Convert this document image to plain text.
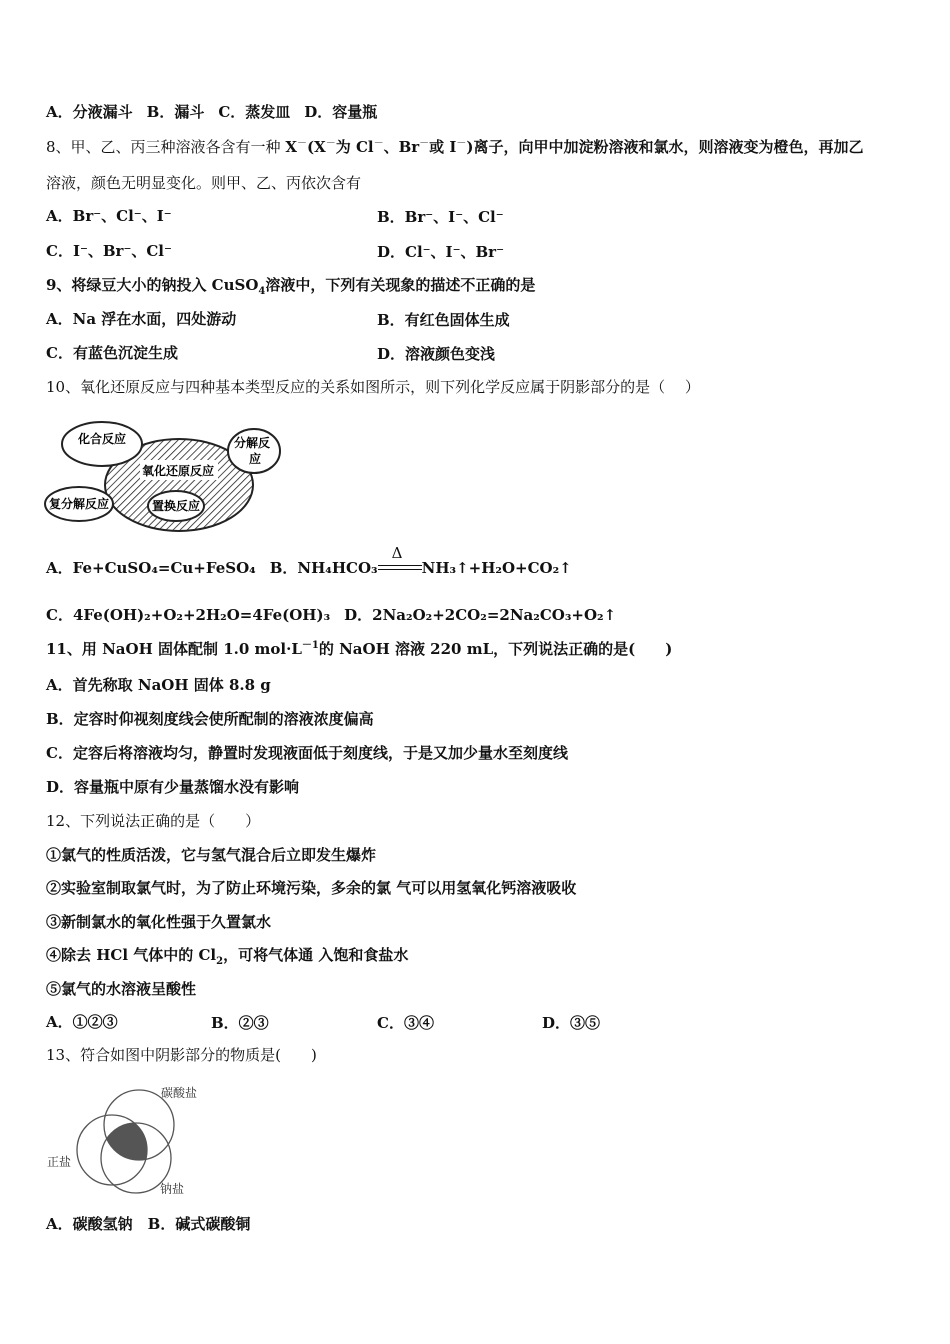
A．分液漏斗 B．漏斗 C．蒸发皿 D．容量瓶
8、甲、乙、丙三种溶液各含有一种 X－(X－为 Cl－、Br－或 I－)离子，向甲中加淀粉溶液和氯水，则溶液变为橙色，再加乙
溶液，颜色无明显变化。则甲、乙、丙依次含有
A．Br⁻、Cl⁻、I⁻	B．Br⁻、I⁻、Cl⁻
C．I⁻、Br⁻、Cl⁻	D．Cl⁻、I⁻、Br⁻
9、将绿豆大小的钠投入 CuSO$_4$溶液中，下列有关现象的描述不正确的是
A．Na 浮在水面，四处游动	B．有红色固体生成
C．有蓝色沉淀生成	D．溶液颜色变浅
10、氧化还原反应与四种基本类型反应的关系如图所示，则下列化学反应属于阴影部分的是（　 ）
化合反应	分解反
应
氧化还原反应
复分解反应	置换反应
A．Fe+CuSO₄=Cu+FeSO₄ B．NH₄HCO₃
Δ
NH₃↑+H₂O+CO₂↑
C．4Fe(OH)₂+O₂+2H₂O=4Fe(OH)₃ D．2Na₂O₂+2CO₂=2Na₂CO₃+O₂↑
11、用 NaOH 固体配制 1.0 $mol\cdot L^{-1}$的 NaOH 溶液 220 mL，下列说法正确的是(　　)
A．首先称取 NaOH 固体 8.8 g
B．定容时仰视刻度线会使所配制的溶液浓度偏高
C．定容后将溶液均匀，静置时发现液面低于刻度线，于是又加少量水至刻度线
D．容量瓶中原有少量蒸馏水没有影响
12、下列说法正确的是（　　）
①氯气的性质活泼，它与氢气混合后立即发生爆炸
②实验室制取氯气时，为了防止环境污染，多余的氯 气可以用氢氧化钙溶液吸收
③新制氯水的氧化性强于久置氯水
④除去 HCl 气体中的 $Cl_2$，可将气体通 入饱和食盐水
⑤氯气的水溶液呈酸性
A．①②③	B．②③	C．③④	D．③⑤
13、符合如图中阴影部分的物质是(　　)
碳酸盐
正盐
钠盐
A．碳酸氢钠　B．碱式碳酸铜
